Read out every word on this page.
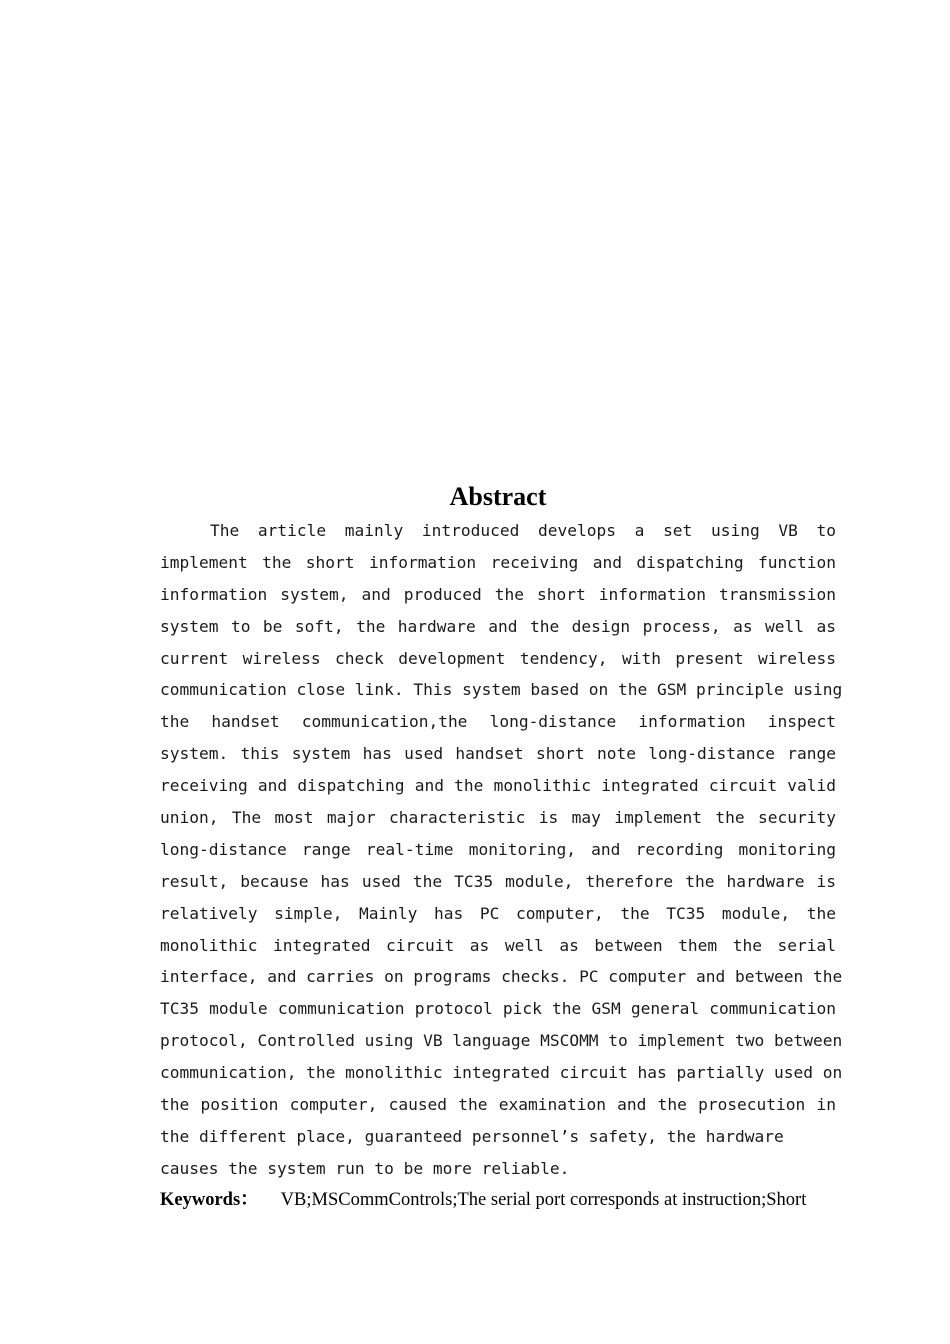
Abstract
The article mainly introduced develops a set using VB to
implement the short information receiving and dispatching function
information system, and produced the short information transmission
system to be soft, the hardware and the design process, as well as
current wireless check development tendency, with present wireless
communication close link. This system based on the GSM principle using
the handset communication,the long-distance information inspect
system. this system has used handset short note long-distance range
receiving and dispatching and the monolithic integrated circuit valid
union, The most major characteristic is may implement the security
long-distance range real-time monitoring, and recording monitoring
result, because has used the TC35 module, therefore the hardware is
relatively simple, Mainly has PC computer, the TC35 module, the
monolithic integrated circuit as well as between them the serial
interface, and carries on programs checks. PC computer and between the
TC35 module communication protocol pick the GSM general communication
protocol, Controlled using VB language MSCOMM to implement two between
communication, the monolithic integrated circuit has partially used on
the position computer, caused the examination and the prosecution in
the different place, guaranteed personnel’s safety, the hardware
causes the system run to be more reliable.
Keywords： VB;MSCommControls;The serial port corresponds at instruction;Short
